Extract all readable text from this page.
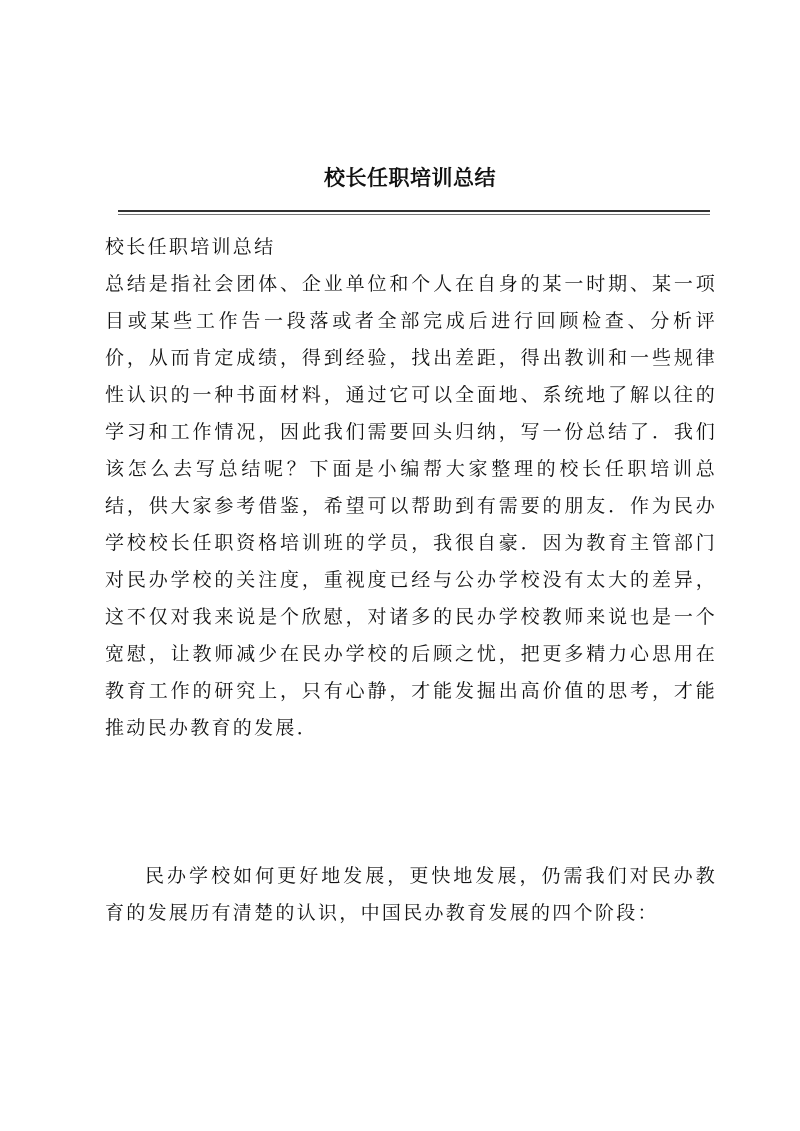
校长任职培训总结

校长任职培训总结

总结是指社会团体、企业单位和个人在自身的某一时期、某一项目或某些工作告一段落或者全部完成后进行回顾检查、分析评价，从而肯定成绩，得到经验，找出差距，得出教训和一些规律性认识的一种书面材料，通过它可以全面地、系统地了解以往的学习和工作情况，因此我们需要回头归纳，写一份总结了．我们该怎么去写总结呢？下面是小编帮大家整理的校长任职培训总结，供大家参考借鉴，希望可以帮助到有需要的朋友．作为民办学校校长任职资格培训班的学员，我很自豪．因为教育主管部门对民办学校的关注度，重视度已经与公办学校没有太大的差异，这不仅对我来说是个欣慰，对诸多的民办学校教师来说也是一个宽慰，让教师减少在民办学校的后顾之忧，把更多精力心思用在教育工作的研究上，只有心静，才能发掘出高价值的思考，才能推动民办教育的发展．

民办学校如何更好地发展，更快地发展，仍需我们对民办教育的发展历有清楚的认识，中国民办教育发展的四个阶段：
